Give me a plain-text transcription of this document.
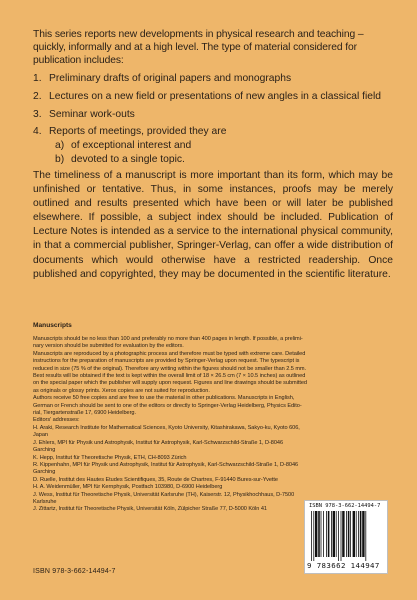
This series reports new developments in physical research and teaching – quickly, informally and at a high level. The type of material considered for publication includes:

1. Preliminary drafts of original papers and monographs
2. Lectures on a new field or presentations of new angles in a classical field
3. Seminar work-outs
4. Reports of meetings, provided they are
a) of exceptional interest and
b) devoted to a single topic.

The timeliness of a manuscript is more important than its form, which may be unfinished or tentative. Thus, in some instances, proofs may be merely outlined and results presented which have been or will later be published elsewhere. If possible, a subject index should be included. Publication of Lecture Notes is intended as a service to the international physical community, in that a commercial publisher, Springer-Verlag, can offer a wide distribution of documents which would otherwise have a restricted readership. Once published and copyrighted, they may be documented in the scientific literature.

Manuscripts
Manuscripts should be no less than 100 and preferably no more than 400 pages in length. If possible, a prelimi-
nary version should be submitted for evaluation by the editors.
Manuscripts are reproduced by a photographic process and therefore must be typed with extreme care. Detailed
instructions for the preparation of manuscripts are provided by Springer-Verlag upon request. The typescript is
reduced in size (75 % of the original). Therefore any writing within the figures should not be smaller than 2.5 mm.
Best results will be obtained if the text is kept within the overall limit of 18 × 26.5 cm (7 × 10.5 inches) as outlined
on the special paper which the publisher will supply upon request. Figures and line drawings should be submitted
as originals or glossy prints. Xerox copies are not suited for reproduction.
Authors receive 50 free copies and are free to use the material in other publications. Manuscripts in English,
German or French should be sent to one of the editors or directly to Springer-Verlag Heidelberg, Physics Edito-
rial, Tiergartenstraße 17, 6900 Heidelberg.
Editors' addresses:
H. Araki, Research Institute for Mathematical Sciences, Kyoto University, Kitashirakawa, Sakyo-ku, Kyoto 606,
Japan
J. Ehlers, MPI für Physik und Astrophysik, Institut für Astrophysik, Karl-Schwarzschild-Straße 1, D-8046
Garching
K. Hepp, Institut für Theoretische Physik, ETH, CH-8093 Zürich
R. Kippenhahn, MPI für Physik und Astrophysik, Institut für Astrophysik, Karl-Schwarzschild-Straße 1, D-8046
Garching
D. Ruelle, Institut des Hautes Etudes Scientifiques, 35, Route de Chartres, F-91440 Bures-sur-Yvette
H. A. Weidenmüller, MPI für Kernphysik, Postfach 103980, D-6900 Heidelberg
J. Wess, Institut für Theoretische Physik, Universität Karlsruhe (TH), Kaiserstr. 12, Physikhochhaus, D-7500
Karlsruhe
J. Zittartz, Institut für Theoretische Physik, Universität Köln, Zülpicher Straße 77, D-5000 Köln 41
ISBN 978-3-662-14494-7
ISBN 978-3-662-14494-7
9 783662 144947
